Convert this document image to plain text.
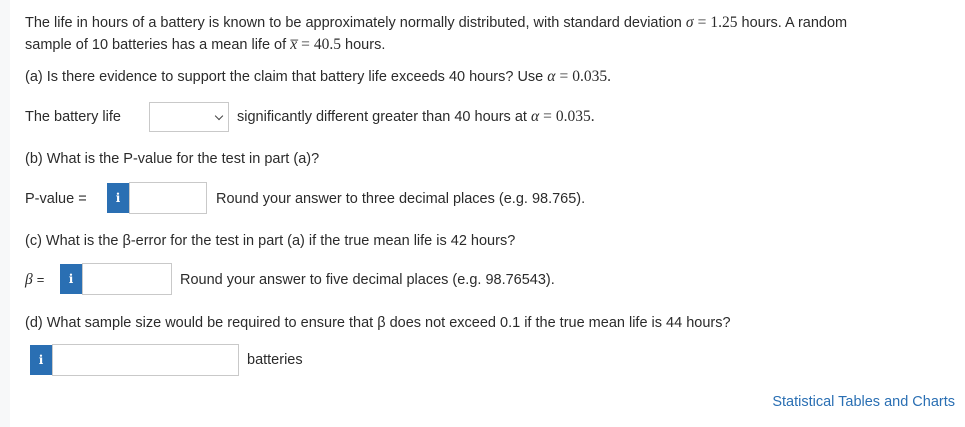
The life in hours of a battery is known to be approximately normally distributed, with standard deviation σ = 1.25 hours. A random
sample of 10 batteries has a mean life of x̅ = 40.5 hours.
(a) Is there evidence to support the claim that battery life exceeds 40 hours? Use α = 0.035.
The battery life	significantly different greater than 40 hours at α = 0.035.
(b) What is the P-value for the test in part (a)?
P-value =	i	Round your answer to three decimal places (e.g. 98.765).
(c) What is the β-error for the test in part (a) if the true mean life is 42 hours?
β =	i	Round your answer to five decimal places (e.g. 98.76543).
(d) What sample size would be required to ensure that β does not exceed 0.1 if the true mean life is 44 hours?
i	batteries
Statistical Tables and Charts
